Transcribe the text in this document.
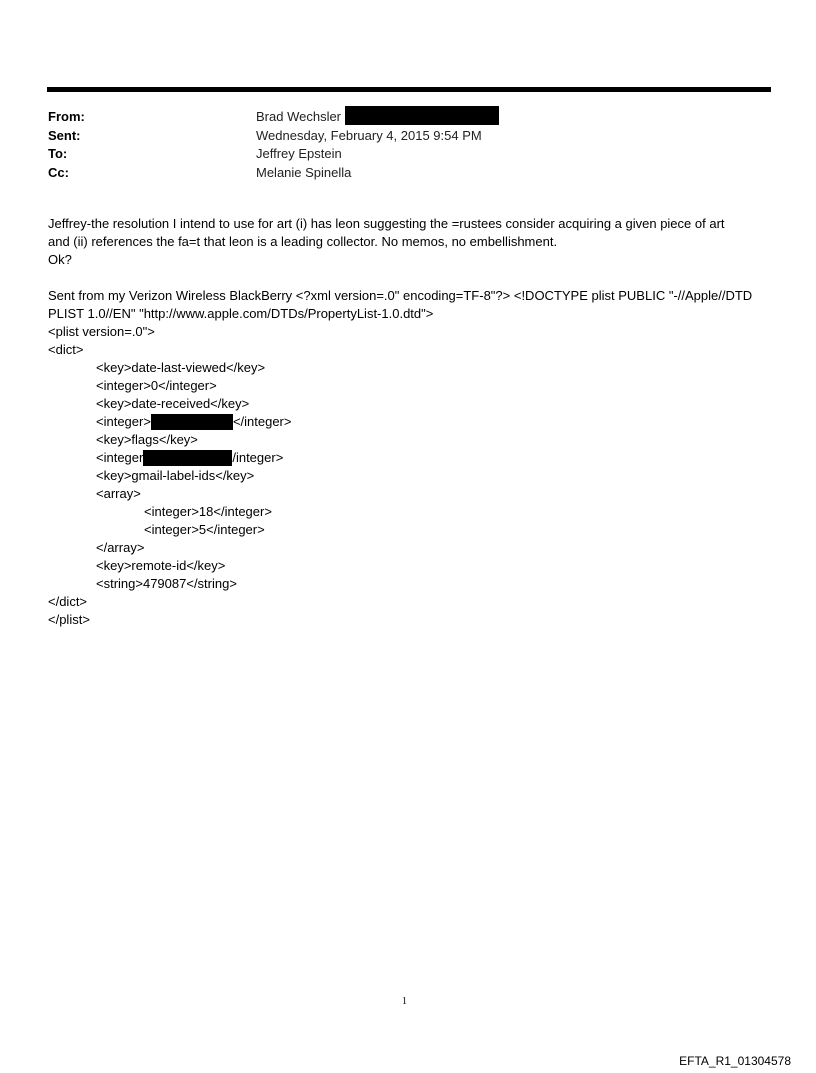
From:	Brad Wechsler
Sent:	Wednesday, February 4, 2015 9:54 PM
To:	Jeffrey Epstein
Cc:	Melanie Spinella
Jeffrey-the resolution I intend to use for art (i) has leon suggesting the =rustees consider acquiring a given piece of art
and (ii) references the fa=t that leon is a leading collector. No memos, no embellishment.
Ok?
Sent from my Verizon Wireless BlackBerry <?xml version=.0" encoding=TF-8"?> <!DOCTYPE plist PUBLIC "-//Apple//DTD
PLIST 1.0//EN" "http://www.apple.com/DTDs/PropertyList-1.0.dtd">
<plist version=.0">
<dict>
<key>date-last-viewed</key>
<integer>0</integer>
<key>date-received</key>
<integer>	</integer>
<key>flags</key>
<integer	/integer>
<key>gmail-label-ids</key>
<array>
<integer>18</integer>
<integer>5</integer>
</array>
<key>remote-id</key>
<string>479087</string>
</dict>
</plist>
1
EFTA_R1_01304578
